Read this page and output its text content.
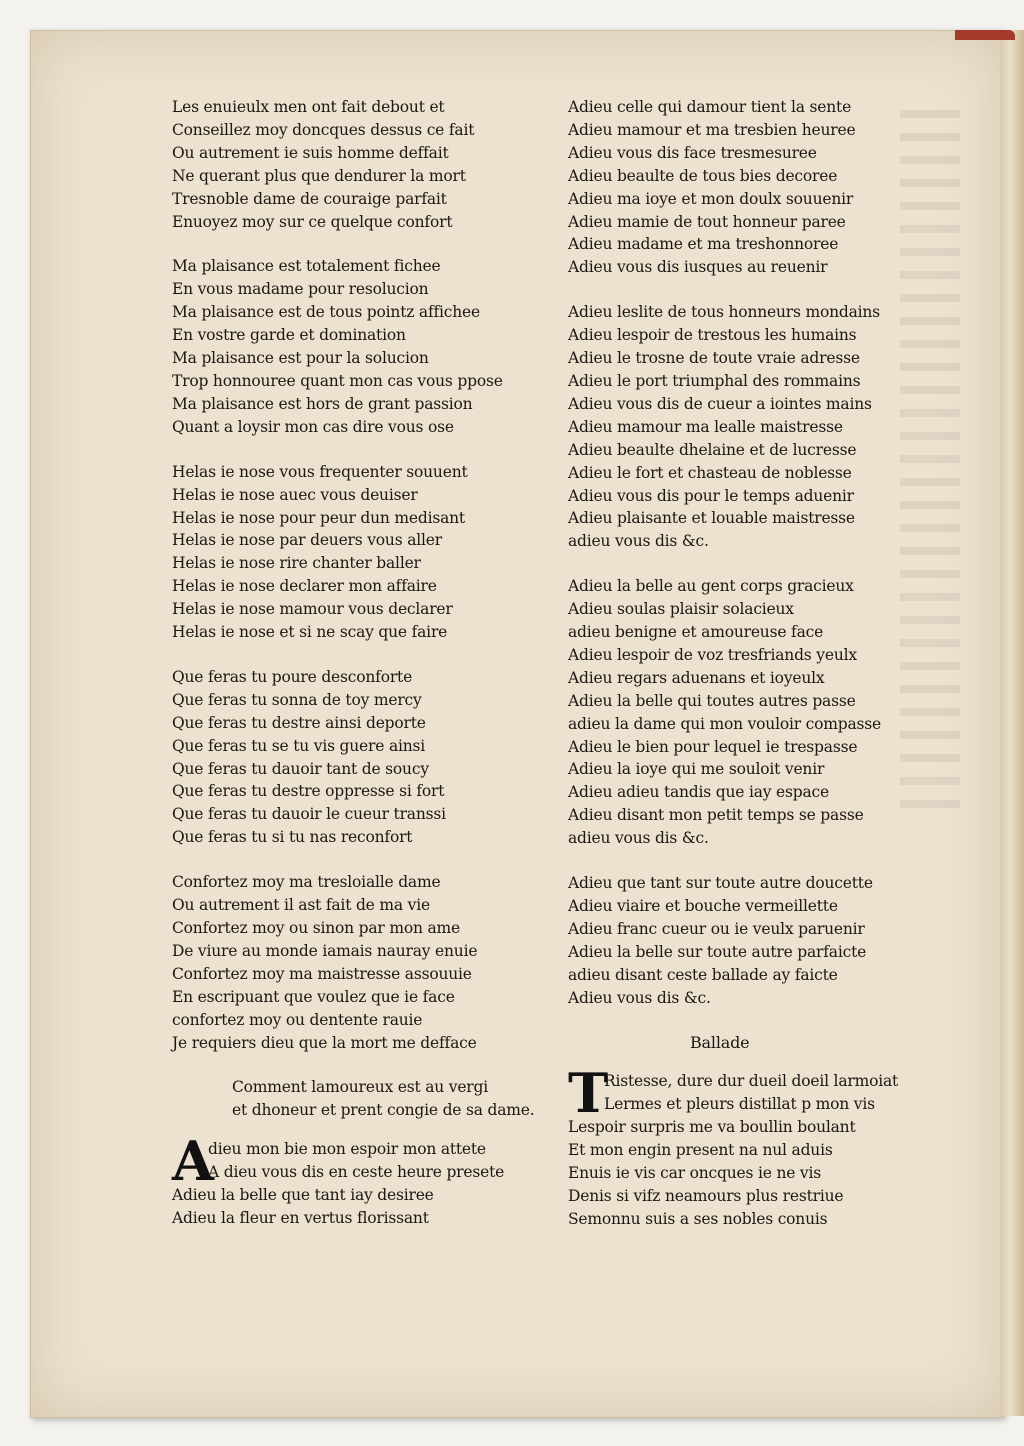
Les enuieulx men ont fait debout et
Conseillez moy doncques dessus ce fait
Ou autrement ie suis homme deffait
Ne querant plus que dendurer la mort
Tresnoble dame de couraige parfait
Enuoyez moy sur ce quelque confort
Ma plaisance est totalement fichee
En vous madame pour resolucion
Ma plaisance est de tous pointz affichee
En vostre garde et domination
Ma plaisance est pour la solucion
Trop honnouree quant mon cas vous ppose
Ma plaisance est hors de grant passion
Quant a loysir mon cas dire vous ose
Helas ie nose vous frequenter souuent
Helas ie nose auec vous deuiser
Helas ie nose pour peur dun medisant
Helas ie nose par deuers vous aller
Helas ie nose rire chanter baller
Helas ie nose declarer mon affaire
Helas ie nose mamour vous declarer
Helas ie nose et si ne scay que faire
Que feras tu poure desconforte
Que feras tu sonna de toy mercy
Que feras tu destre ainsi deporte
Que feras tu se tu vis guere ainsi
Que feras tu dauoir tant de soucy
Que feras tu destre oppresse si fort
Que feras tu dauoir le cueur transsi
Que feras tu si tu nas reconfort
Confortez moy ma tresloialle dame
Ou autrement il ast fait de ma vie
Confortez moy ou sinon par mon ame
De viure au monde iamais nauray enuie
Confortez moy ma maistresse assouuie
En escripuant que voulez que ie face
confortez moy ou dentente rauie
Je requiers dieu que la mort me defface
Comment lamoureux est au vergi
et dhoneur et prent congie de sa dame.
A
dieu mon bie mon espoir mon attete
A dieu vous dis en ceste heure presete
Adieu la belle que tant iay desiree
Adieu la fleur en vertus florissant
Adieu celle qui damour tient la sente
Adieu mamour et ma tresbien heuree
Adieu vous dis face tresmesuree
Adieu beaulte de tous bies decoree
Adieu ma ioye et mon doulx souuenir
Adieu mamie de tout honneur paree
Adieu madame et ma treshonnoree
Adieu vous dis iusques au reuenir
Adieu leslite de tous honneurs mondains
Adieu lespoir de trestous les humains
Adieu le trosne de toute vraie adresse
Adieu le port triumphal des rommains
Adieu vous dis de cueur a iointes mains
Adieu mamour ma lealle maistresse
Adieu beaulte dhelaine et de lucresse
Adieu le fort et chasteau de noblesse
Adieu vous dis pour le temps aduenir
Adieu plaisante et louable maistresse
adieu vous dis &c.
Adieu la belle au gent corps gracieux
Adieu soulas plaisir solacieux
adieu benigne et amoureuse face
Adieu lespoir de voz tresfriands yeulx
Adieu regars aduenans et ioyeulx
Adieu la belle qui toutes autres passe
adieu la dame qui mon vouloir compasse
Adieu le bien pour lequel ie trespasse
Adieu la ioye qui me souloit venir
Adieu adieu tandis que iay espace
Adieu disant mon petit temps se passe
adieu vous dis &c.
Adieu que tant sur toute autre doucette
Adieu viaire et bouche vermeillette
Adieu franc cueur ou ie veulx paruenir
Adieu la belle sur toute autre parfaicte
adieu disant ceste ballade ay faicte
Adieu vous dis &c.
Ballade
T
Ristesse, dure dur dueil doeil larmoiat
Lermes et pleurs distillat p mon vis
Lespoir surpris me va boullin boulant
Et mon engin present na nul aduis
Enuis ie vis car oncques ie ne vis
Denis si vifz neamours plus restriue
Semonnu suis a ses nobles conuis
